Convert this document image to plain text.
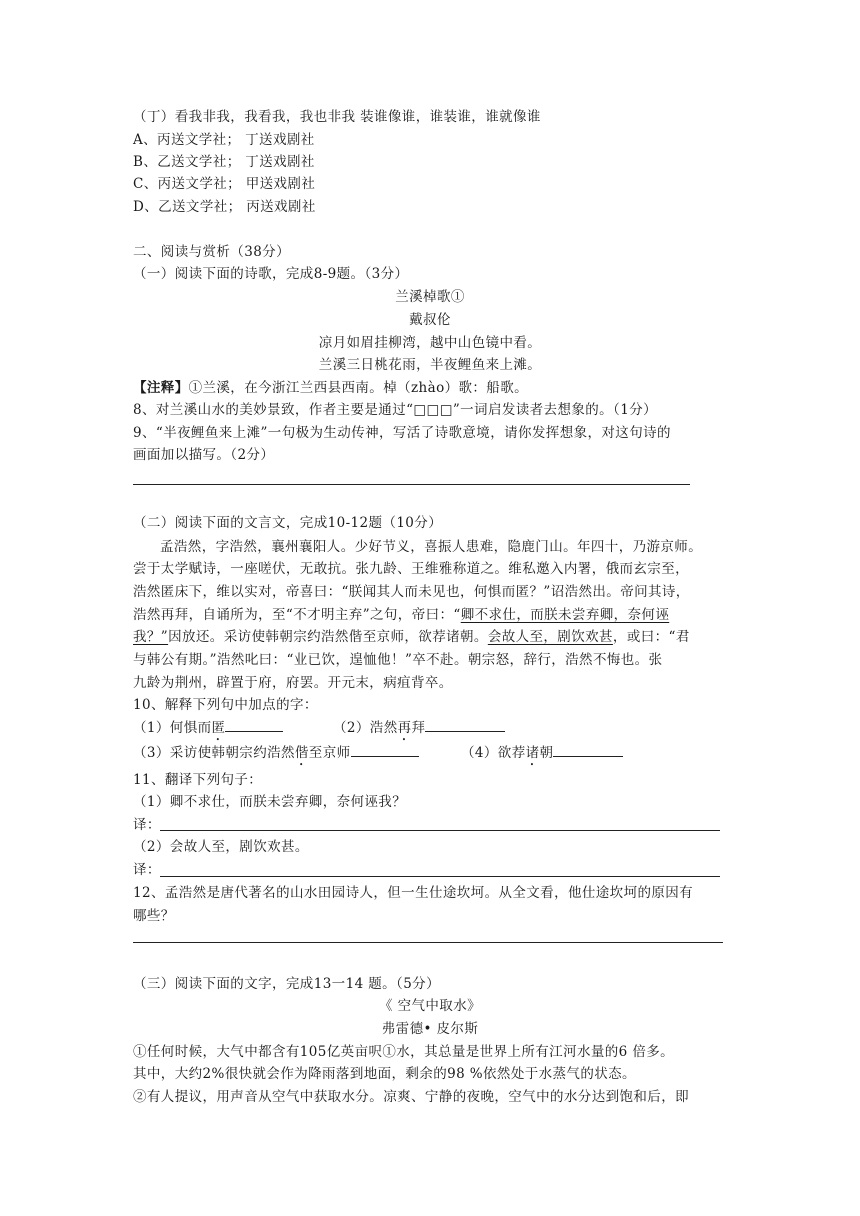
（丁）看我非我，我看我，我也非我 装谁像谁，谁装谁，谁就像谁
A、丙送文学社； 丁送戏剧社
B、乙送文学社； 丁送戏剧社
C、丙送文学社； 甲送戏剧社
D、乙送文学社； 丙送戏剧社
二、阅读与赏析（38分）
（一）阅读下面的诗歌，完成8-9题。（3分）
兰溪棹歌①
戴叔伦
凉月如眉挂柳湾，越中山色镜中看。
兰溪三日桃花雨，半夜鲤鱼来上滩。
【注释】①兰溪，在今浙江兰西县西南。棹（zhào）歌：船歌。
8、对兰溪山水的美妙景致，作者主要是通过“□□□”一词启发读者去想象的。（1分）
9、“半夜鲤鱼来上滩”一句极为生动传神，写活了诗歌意境，请你发挥想象，对这句诗的
画面加以描写。（2分）
（二）阅读下面的文言文，完成10-12题（10分）
孟浩然，字浩然，襄州襄阳人。少好节义，喜振人患难，隐鹿门山。年四十，乃游京师。
尝于太学赋诗，一座嗟伏，无敢抗。张九龄、王维雅称道之。维私邀入内署，俄而玄宗至，
浩然匿床下，维以实对，帝喜曰：“朕闻其人而未见也，何惧而匿？”诏浩然出。帝问其诗，
浩然再拜，自诵所为，至“不才明主弃”之句，帝曰：“卿不求仕，而朕未尝弃卿，奈何诬
我？”因放还。采访使韩朝宗约浩然偕至京师，欲荐诸朝。会故人至，剧饮欢甚，或曰：“君
与韩公有期。”浩然叱曰：“业已饮，遑恤他！”卒不赴。朝宗怒，辞行，浩然不悔也。张
九龄为荆州，辟置于府，府罢。开元末，病疽背卒。
10、解释下列句中加点的字：
（1）何惧而匿	（2）浩然再拜
（3）采访使韩朝宗约浩然偕至京师	（4）欲荐诸朝
11、翻译下列句子：
（1）卿不求仕，而朕未尝弃卿，奈何诬我？
译：
（2）会故人至，剧饮欢甚。
译：
12、孟浩然是唐代著名的山水田园诗人，但一生仕途坎坷。从全文看，他仕途坎坷的原因有
哪些？
（三）阅读下面的文字，完成13一14 题。（5分）
《 空气中取水》
弗雷德• 皮尔斯
①任何时候，大气中都含有105亿英亩呎①水，其总量是世界上所有江河水量的6 倍多。
其中，大约2%很快就会作为降雨落到地面，剩余的98 %依然处于水蒸气的状态。
②有人提议，用声音从空气中获取水分。凉爽、宁静的夜晚，空气中的水分达到饱和后，即
